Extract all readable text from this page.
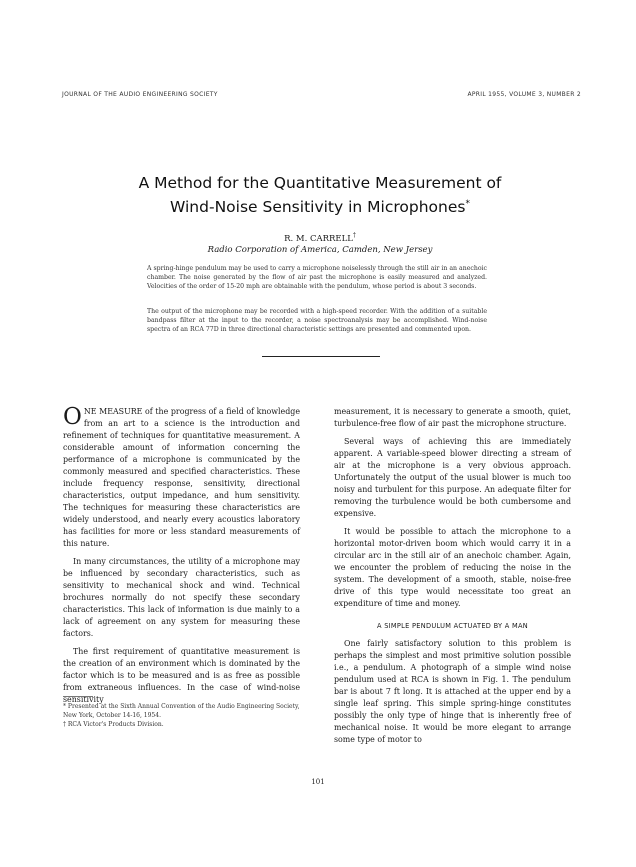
JOURNAL OF THE AUDIO ENGINEERING SOCIETY	APRIL 1955, VOLUME 3, NUMBER 2
A Method for the Quantitative Measurement of
Wind-Noise Sensitivity in Microphones*
R. M. CARRELL†
Radio Corporation of America, Camden, New Jersey
A spring-hinge pendulum may be used to carry a microphone noiselessly through the still air in an anechoic chamber. The noise generated by the flow of air past the microphone is easily measured and analyzed. Velocities of the order of 15-20 mph are obtainable with the pendulum, whose period is about 3 seconds.
The output of the microphone may be recorded with a high-speed recorder. With the addition of a suitable bandpass filter at the input to the recorder, a noise spectroanalysis may be accomplished. Wind-noise spectra of an RCA 77D in three directional characteristic settings are presented and commented upon.

ONE MEASURE of the progress of a field of knowledge from an art to a science is the introduction and refinement of techniques for quantitative measurement. A considerable amount of information concerning the performance of a microphone is communicated by the commonly measured and specified characteristics. These include frequency response, sensitivity, directional characteristics, output impedance, and hum sensitivity. The techniques for measuring these characteristics are widely understood, and nearly every acoustics laboratory has facilities for more or less standard measurements of this nature.

In many circumstances, the utility of a microphone may be influenced by secondary characteristics, such as sensitivity to mechanical shock and wind. Technical brochures normally do not specify these secondary characteristics. This lack of information is due mainly to a lack of agreement on any system for measuring these factors.

The first requirement of quantitative measurement is the creation of an environment which is dominated by the factor which is to be measured and is as free as possible from extraneous influences. In the case of wind-noise sensitivity

measurement, it is necessary to generate a smooth, quiet, turbulence-free flow of air past the microphone structure.

Several ways of achieving this are immediately apparent. A variable-speed blower directing a stream of air at the microphone is a very obvious approach. Unfortunately the output of the usual blower is much too noisy and turbulent for this purpose. An adequate filter for removing the turbulence would be both cumbersome and expensive.

It would be possible to attach the microphone to a horizontal motor-driven boom which would carry it in a circular arc in the still air of an anechoic chamber. Again, we encounter the problem of reducing the noise in the system. The development of a smooth, stable, noise-free drive of this type would necessitate too great an expenditure of time and money.

A SIMPLE PENDULUM ACTUATED BY A MAN

One fairly satisfactory solution to this problem is perhaps the simplest and most primitive solution possible i.e., a pendulum. A photograph of a simple wind noise pendulum used at RCA is shown in Fig. 1. The pendulum bar is about 7 ft long. It is attached at the upper end by a single leaf spring. This simple spring-hinge constitutes possibly the only type of hinge that is inherently free of mechanical noise. It would be more elegant to arrange some type of motor to

* Presented at the Sixth Annual Convention of the Audio Engineering Society, New York, October 14-16, 1954.
† RCA Victor's Products Division.
101
